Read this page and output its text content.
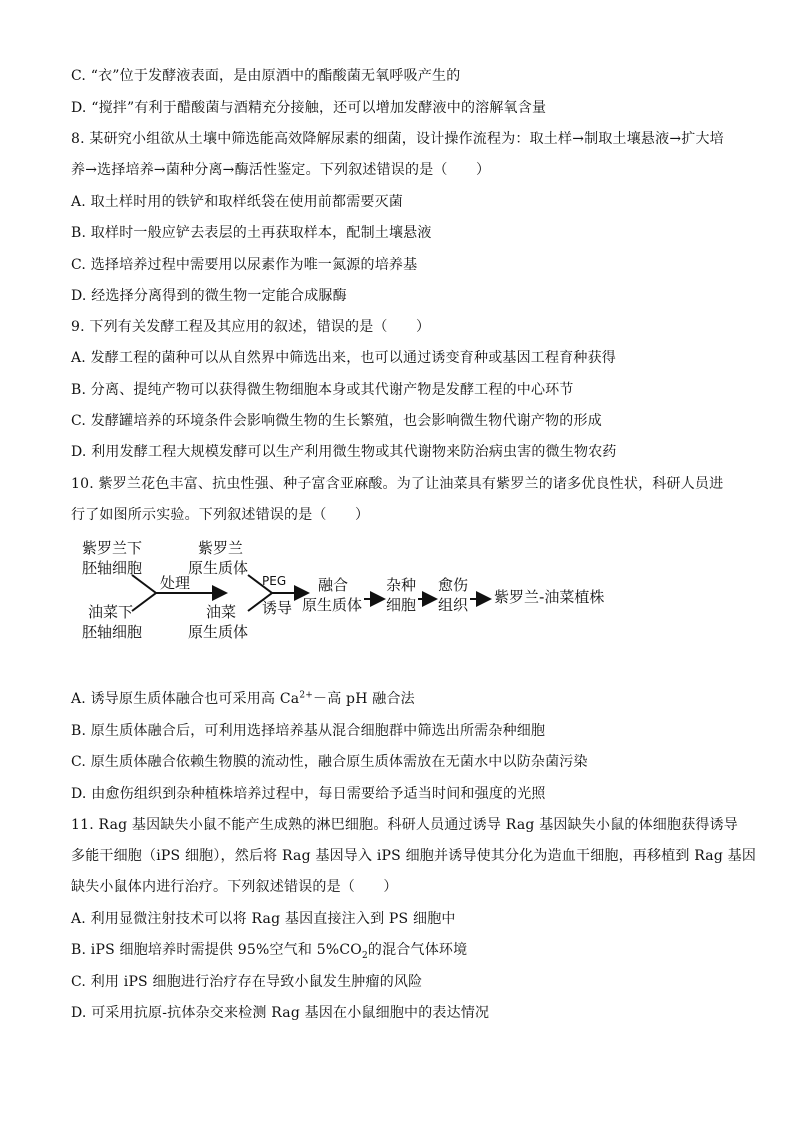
C. “衣”位于发酵液表面，是由原酒中的酯酸菌无氧呼吸产生的
D. “搅拌”有利于醋酸菌与酒精充分接触，还可以增加发酵液中的溶解氧含量
8. 某研究小组欲从土壤中筛选能高效降解尿素的细菌，设计操作流程为：取土样→制取土壤悬液→扩大培
养→选择培养→菌种分离→酶活性鉴定。下列叙述错误的是（　　）
A. 取土样时用的铁铲和取样纸袋在使用前都需要灭菌
B. 取样时一般应铲去表层的土再获取样本，配制土壤悬液
C. 选择培养过程中需要用以尿素作为唯一氮源的培养基
D. 经选择分离得到的微生物一定能合成脲酶
9. 下列有关发酵工程及其应用的叙述，错误的是（　　）
A. 发酵工程的菌种可以从自然界中筛选出来，也可以通过诱变育种或基因工程育种获得
B. 分离、提纯产物可以获得微生物细胞本身或其代谢产物是发酵工程的中心环节
C. 发酵罐培养的环境条件会影响微生物的生长繁殖，也会影响微生物代谢产物的形成
D. 利用发酵工程大规模发酵可以生产利用微生物或其代谢物来防治病虫害的微生物农药
10. 紫罗兰花色丰富、抗虫性强、种子富含亚麻酸。为了让油菜具有紫罗兰的诸多优良性状，科研人员进
行了如图所示实验。下列叙述错误的是（　　）
紫罗兰下
胚轴细胞
油菜下
胚轴细胞
处理
紫罗兰
原生质体
油菜
原生质体
PEG
诱导
融合
原生质体
杂种
细胞
愈伤
组织 紫罗兰-油菜植株
A. 诱导原生质体融合也可采用高 $Ca^{2+}-$高 pH 融合法
B. 原生质体融合后，可利用选择培养基从混合细胞群中筛选出所需杂种细胞
C. 原生质体融合依赖生物膜的流动性，融合原生质体需放在无菌水中以防杂菌污染
D. 由愈伤组织到杂种植株培养过程中，每日需要给予适当时间和强度的光照
11. Rag 基因缺失小鼠不能产生成熟的淋巴细胞。科研人员通过诱导 Rag 基因缺失小鼠的体细胞获得诱导
多能干细胞（iPS 细胞），然后将 Rag 基因导入 iPS 细胞并诱导使其分化为造血干细胞，再移植到 Rag 基因
缺失小鼠体内进行治疗。下列叙述错误的是（　　）
A. 利用显微注射技术可以将 Rag 基因直接注入到 PS 细胞中
B. iPS 细胞培养时需提供 95%空气和 $5\%CO_2$的混合气体环境
C. 利用 iPS 细胞进行治疗存在导致小鼠发生肿瘤的风险
D. 可采用抗原-抗体杂交来检测 Rag 基因在小鼠细胞中的表达情况
